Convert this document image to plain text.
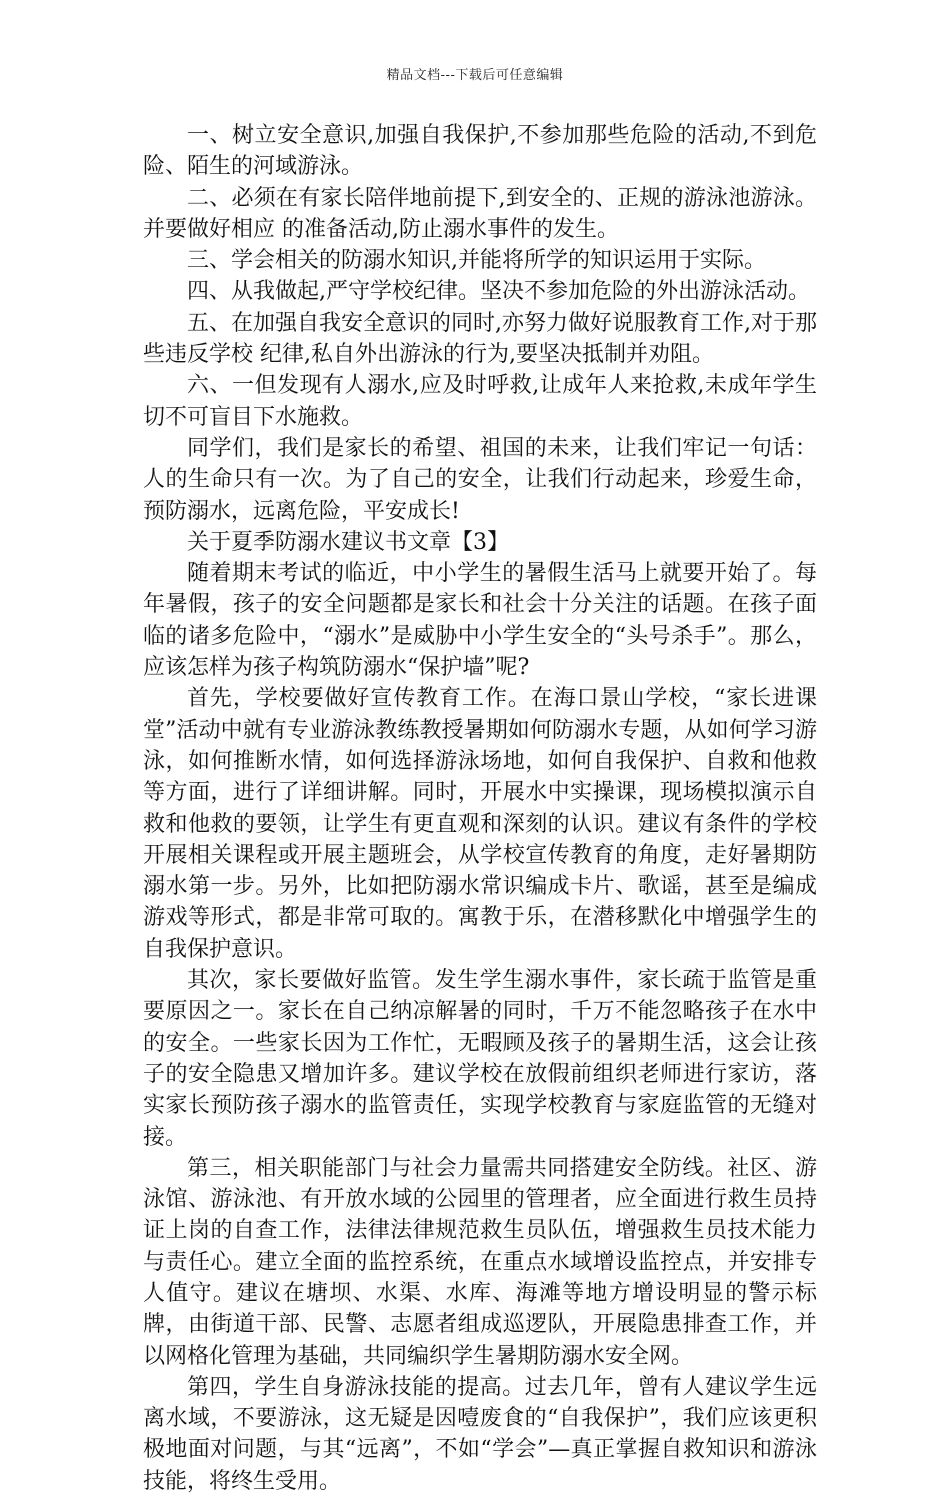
精品文档---下载后可任意编辑

一、树立安全意识,加强自我保护,不参加那些危险的活动,不到危险、陌生的河域游泳。

二、必须在有家长陪伴地前提下,到安全的、正规的游泳池游泳。并要做好相应 的准备活动,防止溺水事件的发生。

三、学会相关的防溺水知识,并能将所学的知识运用于实际。

四、从我做起,严守学校纪律。坚决不参加危险的外出游泳活动。

五、在加强自我安全意识的同时,亦努力做好说服教育工作,对于那些违反学校 纪律,私自外出游泳的行为,要坚决抵制并劝阻。

六、一但发现有人溺水,应及时呼救,让成年人来抢救,未成年学生切不可盲目下水施救。

同学们，我们是家长的希望、祖国的未来，让我们牢记一句话：人的生命只有一次。为了自己的安全，让我们行动起来，珍爱生命，预防溺水，远离危险，平安成长!

关于夏季防溺水建议书文章【3】

随着期末考试的临近，中小学生的暑假生活马上就要开始了。每年暑假，孩子的安全问题都是家长和社会十分关注的话题。在孩子面临的诸多危险中，“溺水”是威胁中小学生安全的“头号杀手”。那么，应该怎样为孩子构筑防溺水“保护墙”呢?

首先，学校要做好宣传教育工作。在海口景山学校，“家长进课堂”活动中就有专业游泳教练教授暑期如何防溺水专题，从如何学习游泳，如何推断水情，如何选择游泳场地，如何自我保护、自救和他救等方面，进行了详细讲解。同时，开展水中实操课，现场模拟演示自救和他救的要领，让学生有更直观和深刻的认识。建议有条件的学校开展相关课程或开展主题班会，从学校宣传教育的角度，走好暑期防溺水第一步。另外，比如把防溺水常识编成卡片、歌谣，甚至是编成游戏等形式，都是非常可取的。寓教于乐，在潜移默化中增强学生的自我保护意识。

其次，家长要做好监管。发生学生溺水事件，家长疏于监管是重要原因之一。家长在自己纳凉解暑的同时，千万不能忽略孩子在水中的安全。一些家长因为工作忙，无暇顾及孩子的暑期生活，这会让孩子的安全隐患又增加许多。建议学校在放假前组织老师进行家访，落实家长预防孩子溺水的监管责任，实现学校教育与家庭监管的无缝对接。

第三，相关职能部门与社会力量需共同搭建安全防线。社区、游泳馆、游泳池、有开放水域的公园里的管理者，应全面进行救生员持证上岗的自查工作，法律法律规范救生员队伍，增强救生员技术能力与责任心。建立全面的监控系统，在重点水域增设监控点，并安排专人值守。建议在塘坝、水渠、水库、海滩等地方增设明显的警示标牌，由街道干部、民警、志愿者组成巡逻队，开展隐患排查工作，并以网格化管理为基础，共同编织学生暑期防溺水安全网。

第四，学生自身游泳技能的提高。过去几年，曾有人建议学生远离水域，不要游泳，这无疑是因噎废食的“自我保护”，我们应该更积极地面对问题，与其“远离”，不如“学会”—真正掌握自救知识和游泳技能，将终生受用。
